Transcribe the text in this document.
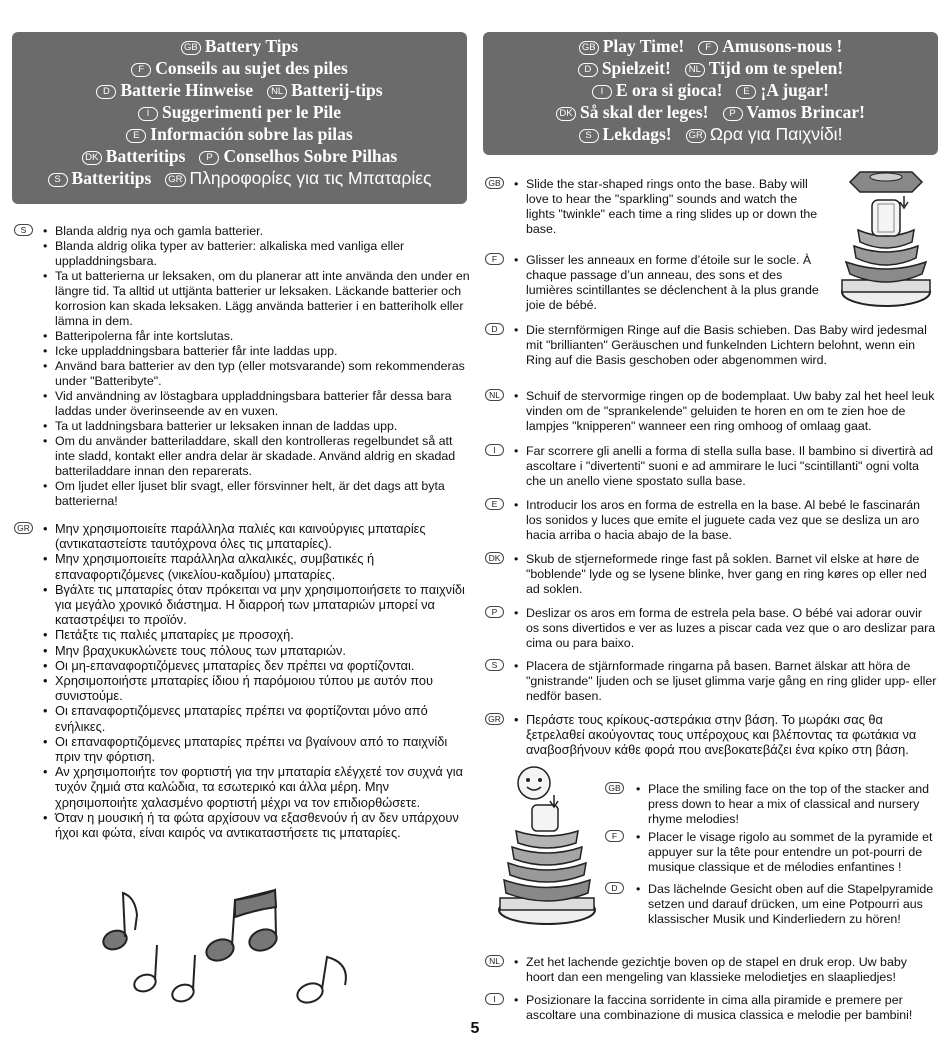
GB Battery Tips
F Conseils au sujet des piles
D Batterie Hinweise NL Batterij-tips
I Suggerimenti per le Pile
E Información sobre las pilas
DK Batteritips P Conselhos Sobre Pilhas
S Batteritips GR Πληροφορίες για τις Μπαταρίες
GB Play Time! F Amusons-nous !
D Spielzeit! NL Tijd om te spelen!
I E ora si gioca! E ¡A jugar!
DK Så skal der leges! P Vamos Brincar!
S Lekdags! GR Ωρα για Παιχνίδι!
S	• Blanda aldrig nya och gamla batterier.
• Blanda aldrig olika typer av batterier: alkaliska med vanliga eller uppladdningsbara.
• Ta ut batterierna ur leksaken, om du planerar att inte använda den under en längre tid. Ta alltid ut uttjänta batterier ur leksaken. Läckande batterier och korrosion kan skada leksaken. Lägg använda batterier i en batteriholk eller lämna in dem.
• Batteripolerna får inte kortslutas.
• Icke uppladdningsbara batterier får inte laddas upp.
• Använd bara batterier av den typ (eller motsvarande) som rekommenderas under "Batteribyte".
• Vid användning av löstagbara uppladdningsbara batterier får dessa bara laddas under överinseende av en vuxen.
• Ta ut laddningsbara batterier ur leksaken innan de laddas upp.
• Om du använder batteriladdare, skall den kontrolleras regelbundet så att inte sladd, kontakt eller andra delar är skadade. Använd aldrig en skadad batteriladdare innan den reparerats.
• Om ljudet eller ljuset blir svagt, eller försvinner helt, är det dags att byta batterierna!
GR	• Μην χρησιμοποιείτε παράλληλα παλιές και καινούργιες μπαταρίες (αντικαταστείστε ταυτόχρονα όλες τις μπαταρίες).
• Μην χρησιμοποιείτε παράλληλα αλκαλικές, συμβατικές ή επαναφορτιζόμενες (νικελίου-καδμίου) μπαταρίες.
• Βγάλτε τις μπαταρίες όταν πρόκειται να μην χρησιμοποιήσετε το παιχνίδι για μεγάλο χρονικό διάστημα. Η διαρροή των μπαταριών μπορεί να καταστρέψει το προϊόν.
• Πετάξτε τις παλιές μπαταρίες με προσοχή.
• Μην βραχυκυκλώνετε τους πόλους των μπαταριών.
• Οι μη-επαναφορτιζόμενες μπαταρίες δεν πρέπει να φορτίζονται.
• Χρησιμοποιήστε μπαταρίες ίδιου ή παρόμοιου τύπου με αυτόν που συνιστούμε.
• Οι επαναφορτιζόμενες μπαταρίες πρέπει να φορτίζονται μόνο από ενήλικες.
• Οι επαναφορτιζόμενες μπαταρίες πρέπει να βγαίνουν από το παιχνίδι πριν την φόρτιση.
• Αν χρησιμοποιήτε τον φορτιστή για την μπαταρία ελέγχετέ τον συχνά για τυχόν ζημιά στα καλώδια, τα εσωτερικό και άλλα μέρη. Μην χρησιμοποιήτε χαλασμένο φορτιστή μέχρι να τον επιδιορθώσετε.
• Όταν η μουσική ή τα φώτα αρχίσουν να εξασθενούν ή αν δεν υπάρχουν ήχοι και φώτα, είναι καιρός να αντικαταστήσετε τις μπαταρίες.
GB	• Slide the star-shaped rings onto the base. Baby will love to hear the "sparkling" sounds and watch the lights "twinkle" each time a ring slides up or down the base.
F	• Glisser les anneaux en forme d’étoile sur le socle. À chaque passage d’un anneau, des sons et des lumières scintillantes se déclenchent à la plus grande joie de bébé.
D	• Die sternförmigen Ringe auf die Basis schieben. Das Baby wird jedesmal mit "brillianten" Geräuschen und funkelnden Lichtern belohnt, wenn ein Ring auf die Basis geschoben oder abgenommen wird.
NL	• Schuif de stervormige ringen op de bodemplaat. Uw baby zal het heel leuk vinden om de "sprankelende" geluiden te horen en om te zien hoe de lampjes "knipperen" wanneer een ring omhoog of omlaag gaat.
I	• Far scorrere gli anelli a forma di stella sulla base. Il bambino si divertirà ad ascoltare i "divertenti" suoni e ad ammirare le luci "scintillanti" ogni volta che un anello viene spostato sulla base.
E	• Introducir los aros en forma de estrella en la base. Al bebé le fascinarán los sonidos y luces que emite el juguete cada vez que se desliza un aro hacia arriba o hacia abajo de la base.
DK	• Skub de stjerneformede ringe fast på soklen. Barnet vil elske at høre de "boblende" lyde og se lysene blinke, hver gang en ring køres op eller ned ad soklen.
P	• Deslizar os aros em forma de estrela pela base. O bébé vai adorar ouvir os sons divertidos e ver as luzes a piscar cada vez que o aro deslizar para cima ou para baixo.
S	• Placera de stjärnformade ringarna på basen. Barnet älskar att höra de "gnistrande" ljuden och se ljuset glimma varje gång en ring glider upp- eller nedför basen.
GR	• Περάστε τους κρίκους-αστεράκια στην βάση. Το μωράκι σας θα ξετρελαθεί ακούγοντας τους υπέροχους και βλέποντας τα φωτάκια να αναβοσβήνουν κάθε φορά που ανεβοκατεβάζει ένα κρίκο στη βάση.
GB	• Place the smiling face on the top of the stacker and press down to hear a mix of classical and nursery rhyme melodies!
F	• Placer le visage rigolo au sommet de la pyramide et appuyer sur la tête pour entendre un pot-pourri de musique classique et de mélodies enfantines !
D	• Das lächelnde Gesicht oben auf die Stapelpyramide setzen und darauf drücken, um eine Potpourri aus klassischer Musik und Kinderliedern zu hören!
NL	• Zet het lachende gezichtje boven op de stapel en druk erop. Uw baby hoort dan een mengeling van klassieke melodietjes en slaapliedjes!
I	• Posizionare la faccina sorridente in cima alla piramide e premere per ascoltare una combinazione di musica classica e melodie per bambini!
5
